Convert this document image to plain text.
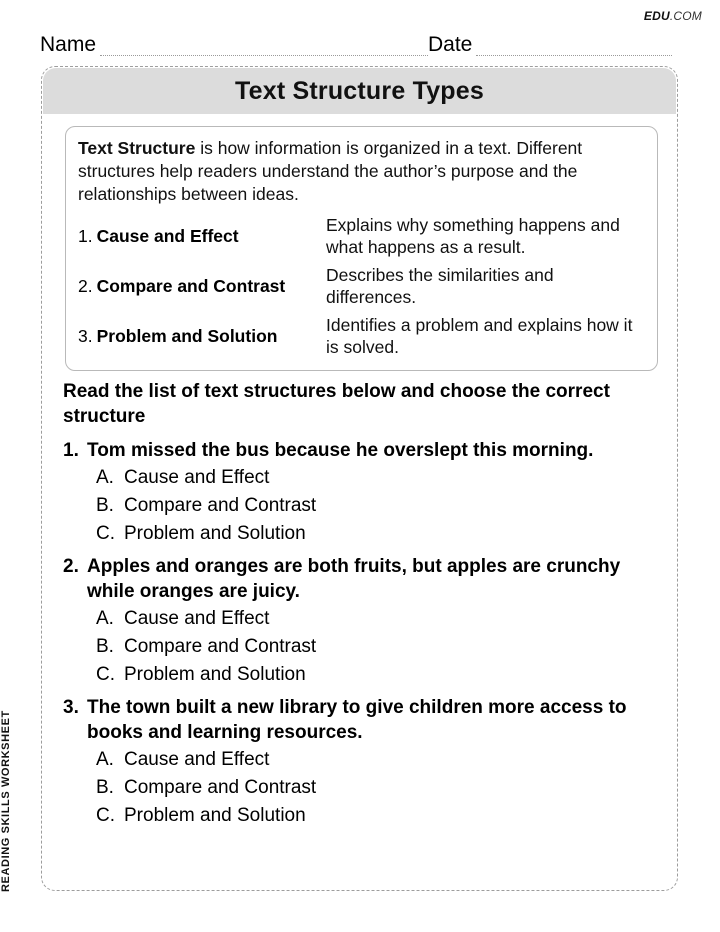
EDU.COM
Name	Date
READING SKILLS WORKSHEET
Text Structure Types

Text Structure is how information is organized in a text. Different structures help readers understand the author’s purpose and the relationships between ideas.

1. Cause and Effect
Explains why something happens and what happens as a result.
2. Compare and Contrast
Describes the similarities and differences.
3. Problem and Solution
Identifies a problem and explains how it is solved.
Read the list of text structures below and choose the correct structure
1. Tom missed the bus because he overslept this morning.
A. Cause and Effect
B. Compare and Contrast
C. Problem and Solution
2. Apples and oranges are both fruits, but apples are crunchy while oranges are juicy.
A. Cause and Effect
B. Compare and Contrast
C. Problem and Solution
3. The town built a new library to give children more access to books and learning resources.
A. Cause and Effect
B. Compare and Contrast
C. Problem and Solution
